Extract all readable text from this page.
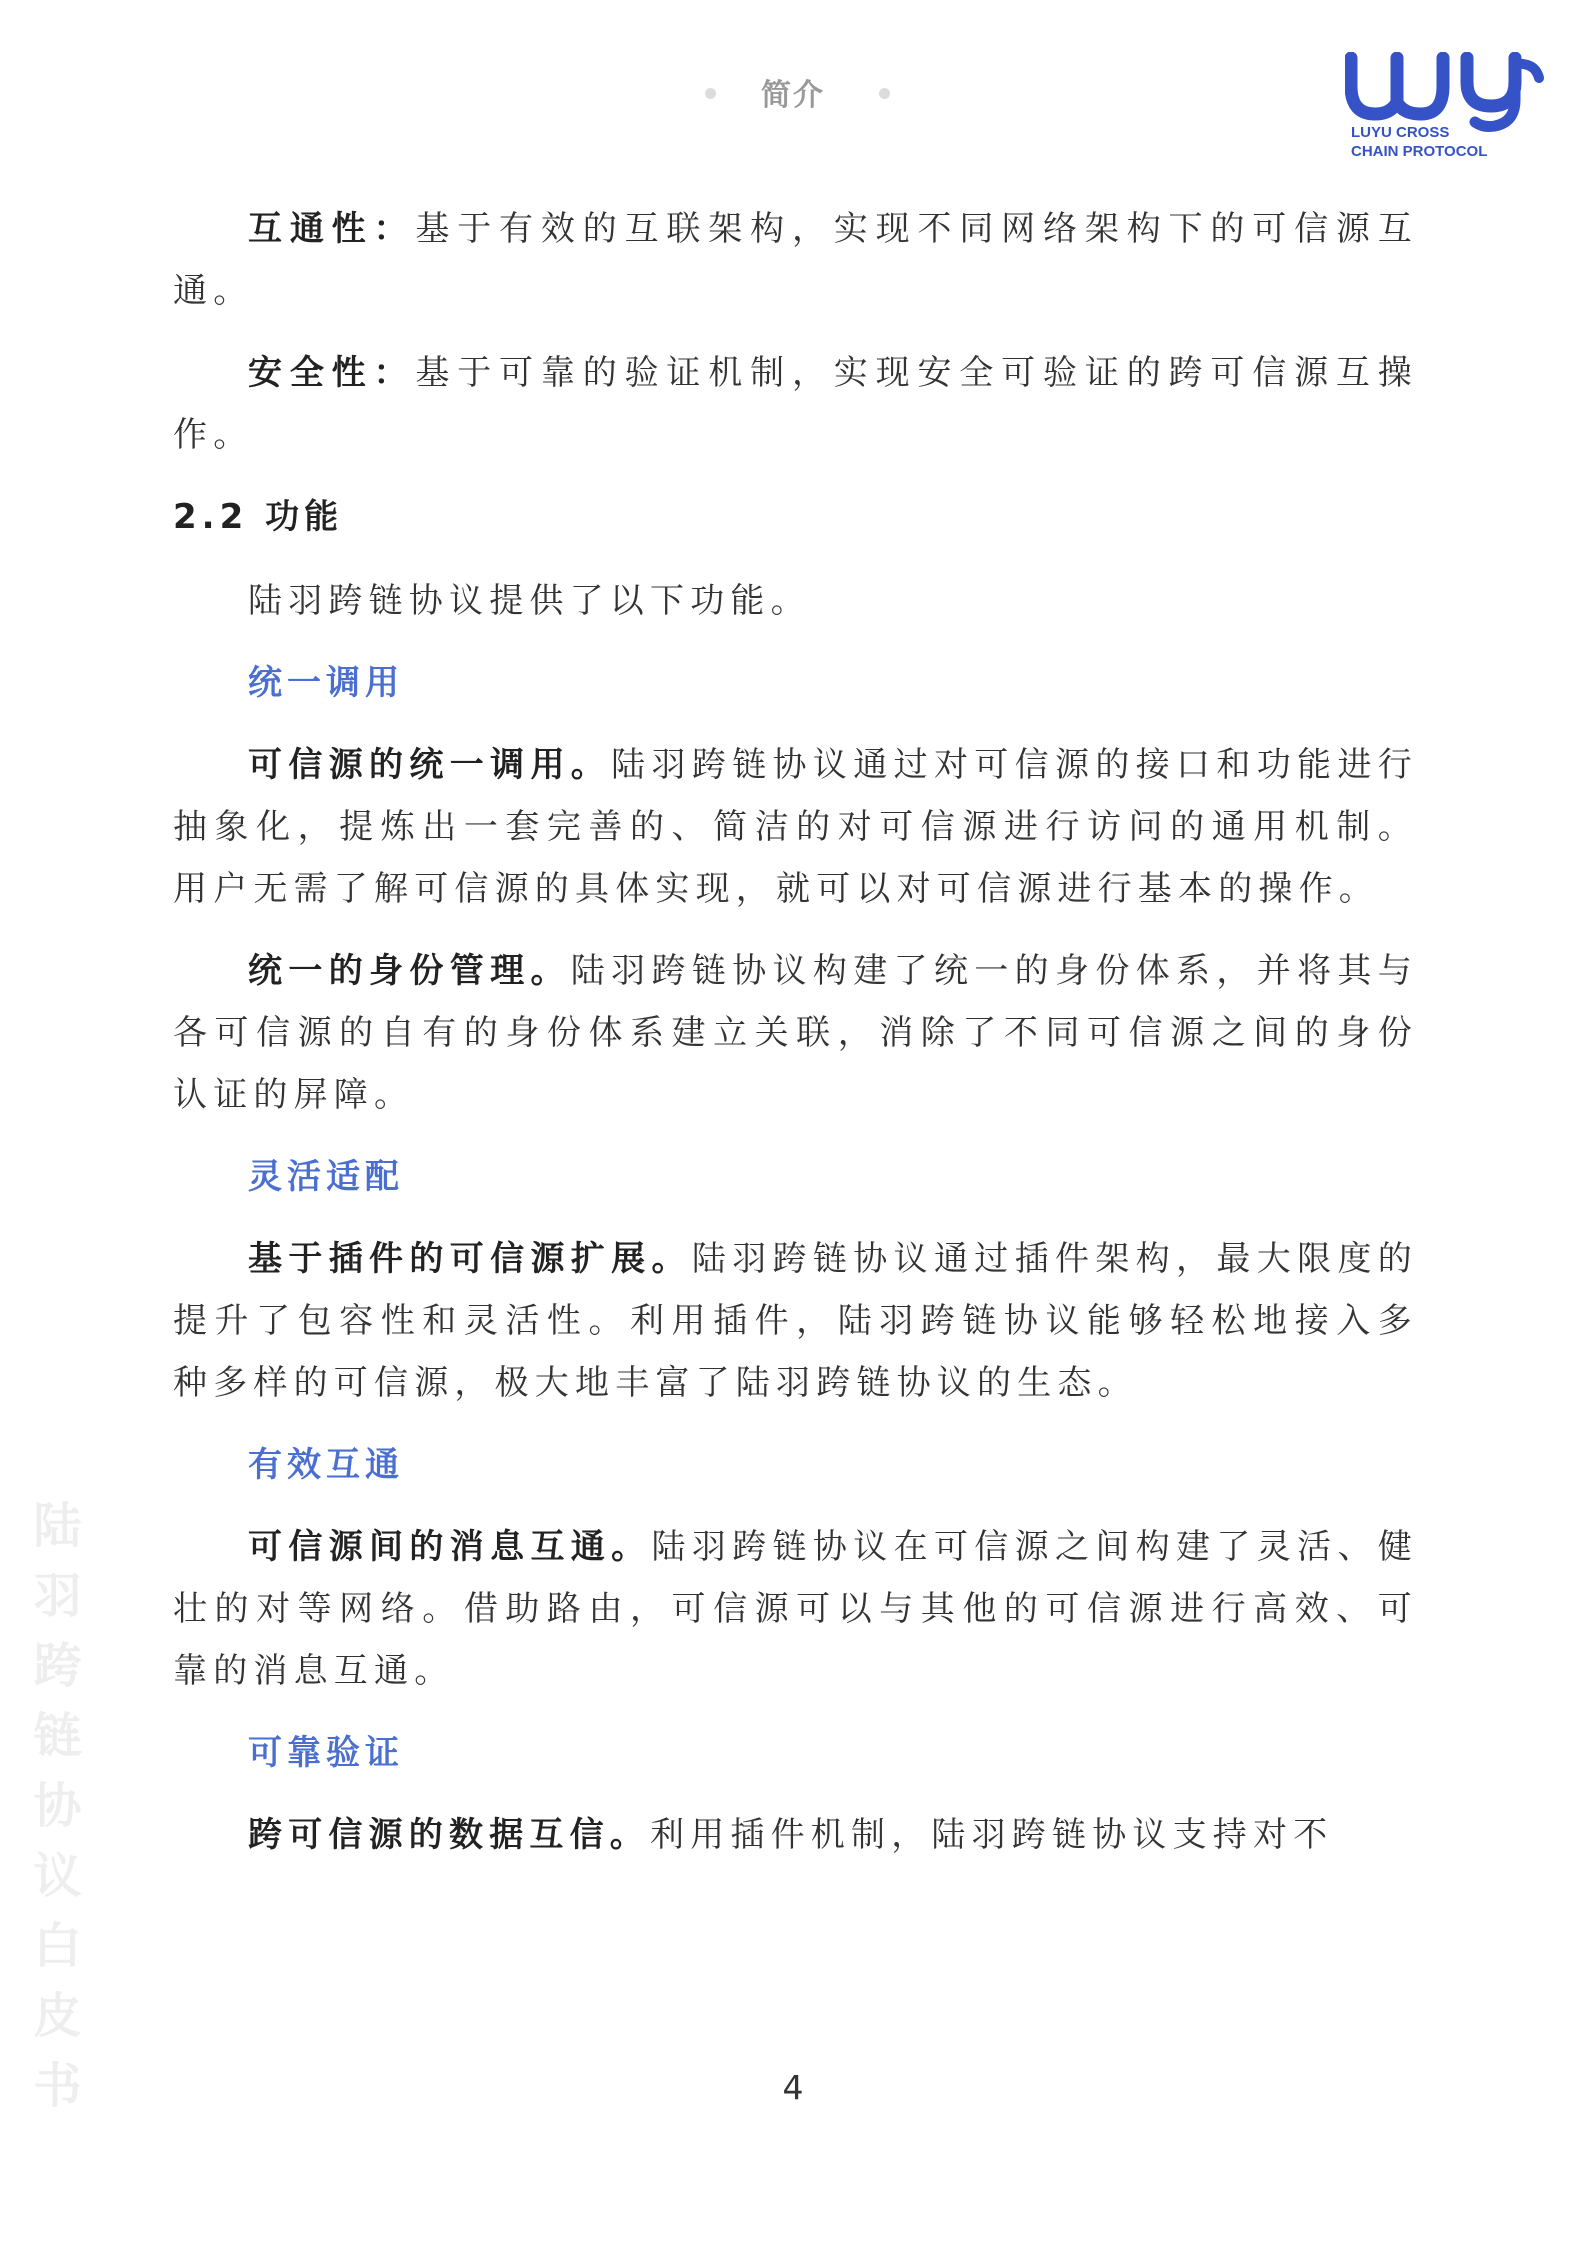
简介
LUYU CROSS
CHAIN PROTOCOL

互通性：基于有效的互联架构，实现不同网络架构下的可信源互通。

安全性：基于可靠的验证机制，实现安全可验证的跨可信源互操作。

2.2 功能

陆羽跨链协议提供了以下功能。

统一调用

可信源的统一调用。陆羽跨链协议通过对可信源的接口和功能进行抽象化，提炼出一套完善的、简洁的对可信源进行访问的通用机制。用户无需了解可信源的具体实现，就可以对可信源进行基本的操作。

统一的身份管理。陆羽跨链协议构建了统一的身份体系，并将其与各可信源的自有的身份体系建立关联，消除了不同可信源之间的身份认证的屏障。

灵活适配

基于插件的可信源扩展。陆羽跨链协议通过插件架构，最大限度的提升了包容性和灵活性。利用插件，陆羽跨链协议能够轻松地接入多种多样的可信源，极大地丰富了陆羽跨链协议的生态。

有效互通

可信源间的消息互通。陆羽跨链协议在可信源之间构建了灵活、健壮的对等网络。借助路由，可信源可以与其他的可信源进行高效、可靠的消息互通。

可靠验证

跨可信源的数据互信。利用插件机制，陆羽跨链协议支持对不

陆羽跨链协议白皮书	4
